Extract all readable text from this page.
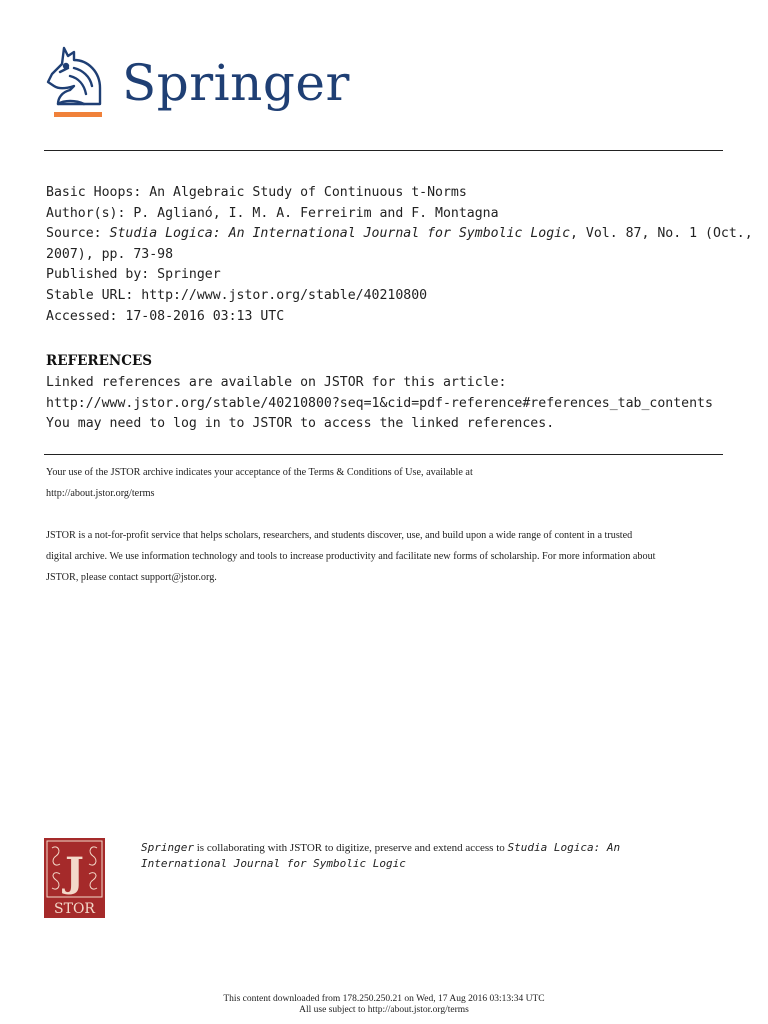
Springer
Basic Hoops: An Algebraic Study of Continuous t-Norms
Author(s): P. Aglianó, I. M. A. Ferreirim and F. Montagna
Source: Studia Logica: An International Journal for Symbolic Logic, Vol. 87, No. 1 (Oct.,
2007), pp. 73-98
Published by: Springer
Stable URL: http://www.jstor.org/stable/40210800
Accessed: 17-08-2016 03:13 UTC
REFERENCES
Linked references are available on JSTOR for this article:
http://www.jstor.org/stable/40210800?seq=1&cid=pdf-reference#references_tab_contents
You may need to log in to JSTOR to access the linked references.
Your use of the JSTOR archive indicates your acceptance of the Terms & Conditions of Use, available at
http://about.jstor.org/terms
JSTOR is a not-for-profit service that helps scholars, researchers, and students discover, use, and build upon a wide range of content in a trusted
digital archive. We use information technology and tools to increase productivity and facilitate new forms of scholarship. For more information about
JSTOR, please contact support@jstor.org.
J
STOR
Springer is collaborating with JSTOR to digitize, preserve and extend access to Studia Logica: An
International Journal for Symbolic Logic
This content downloaded from 178.250.250.21 on Wed, 17 Aug 2016 03:13:34 UTC
All use subject to http://about.jstor.org/terms
